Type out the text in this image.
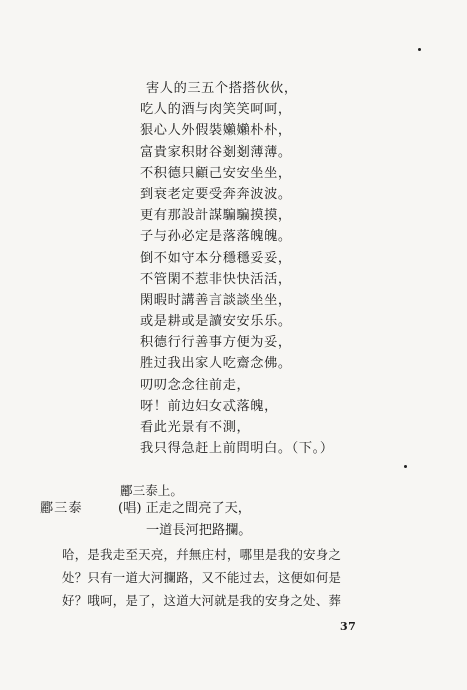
害人的三五个搭搭伙伙，
吃人的酒与肉笑笑呵呵，
狠心人外假裝嬾嬾朴朴，
富貴家积財谷剗剗薄薄。
不积德只顧己安安坐坐，
到衰老定要受奔奔波波。
更有那設計謀騙騙摸摸，
子与孙必定是落落魄魄。
倒不如守本分穩穩妥妥，
不管閑不惹非快快活活，
閑暇时講善言談談坐坐，
或是耕或是讀安安乐乐。
积德行行善事方便为妥，
胜过我出家人吃齋念佛。
叨叨念念往前走，
呀！前边妇女忒落魄，
看此光景有不測，
我只得急赶上前問明白。（下。）
酈三泰上。
酈三泰	(唱) 正走之間亮了天，
一道長河把路攔。
哈，是我走至天亮，幷無庄村，哪里是我的安身之
处？只有一道大河攔路，又不能过去，这便如何是
好？哦呵，是了，这道大河就是我的安身之处、葬
37
